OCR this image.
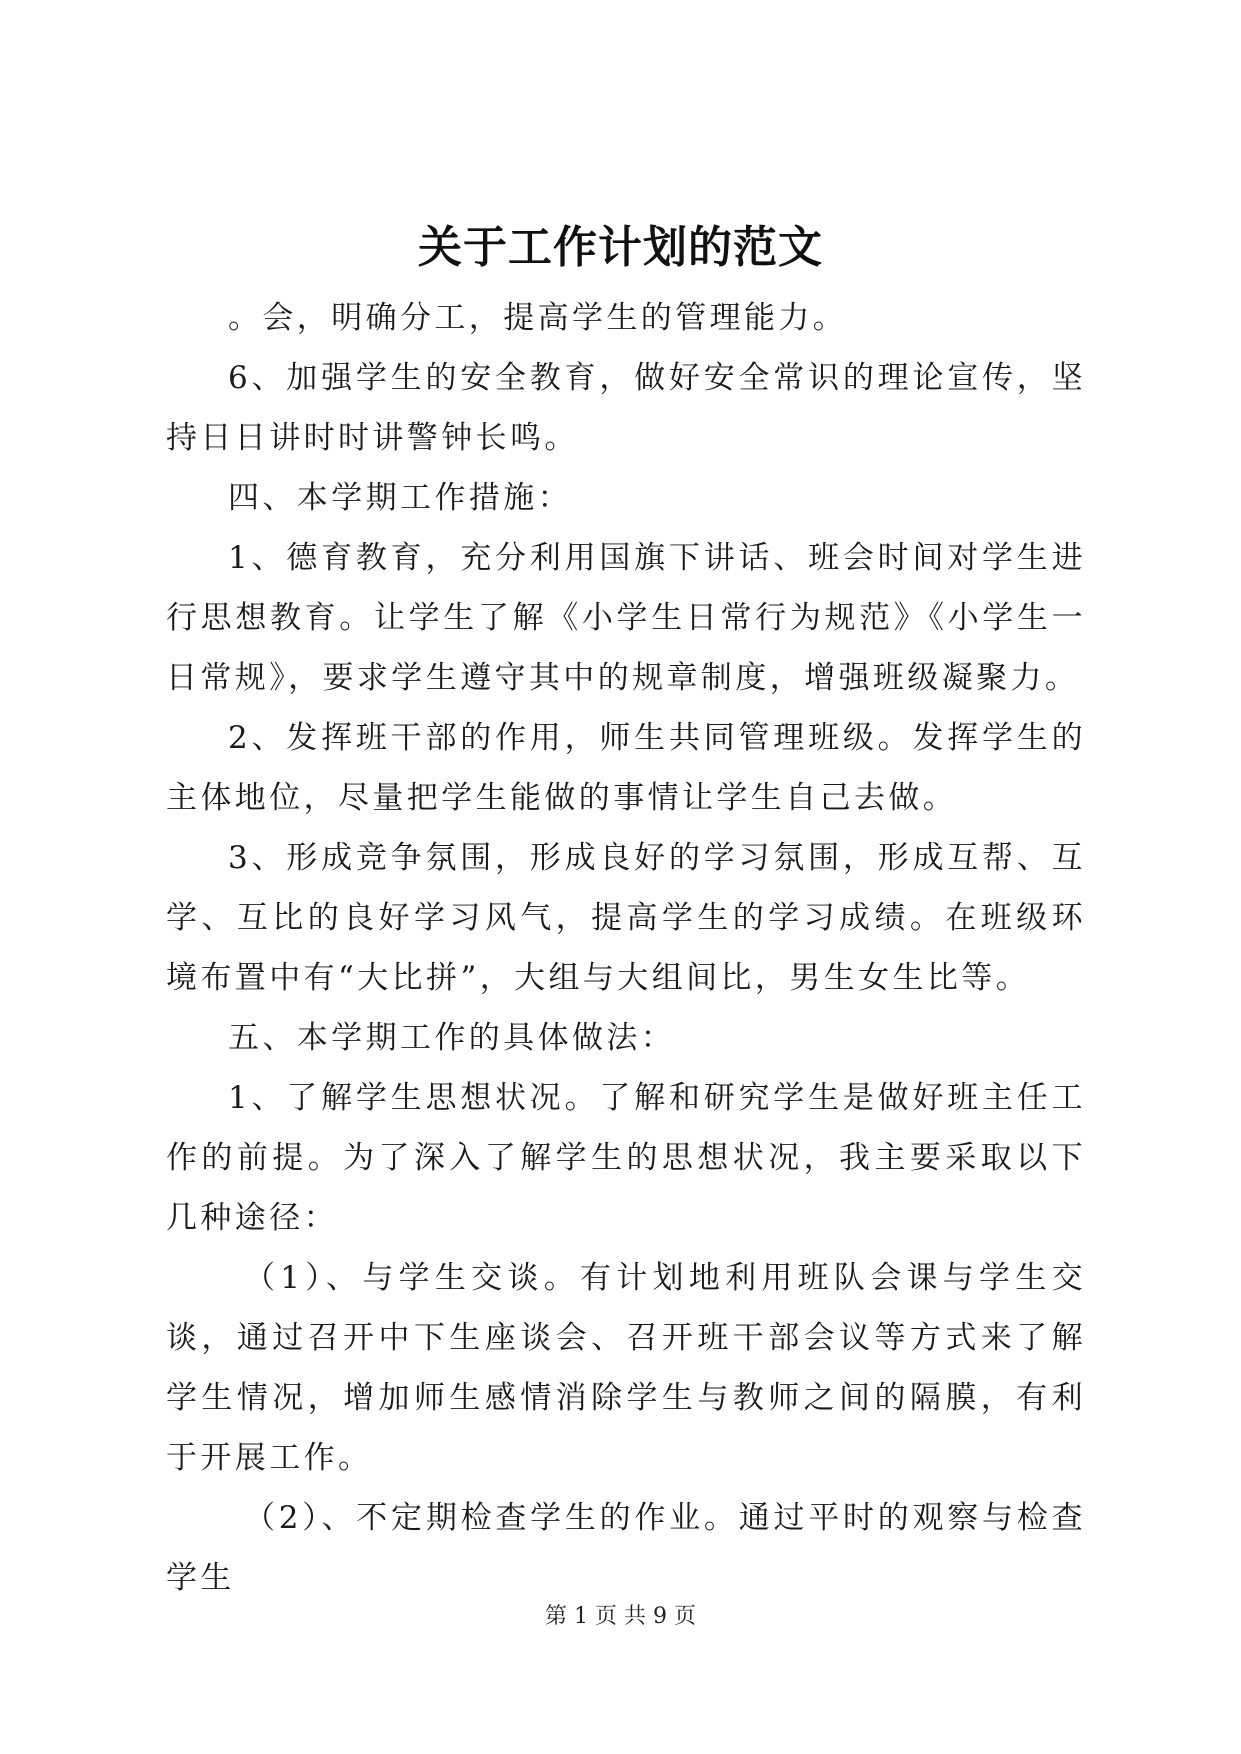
关于工作计划的范文

。会，明确分工，提高学生的管理能力。

6、加强学生的安全教育，做好安全常识的理论宣传，坚持日日讲时时讲警钟长鸣。

四、本学期工作措施：

1、德育教育，充分利用国旗下讲话、班会时间对学生进行思想教育。让学生了解《小学生日常行为规范》《小学生一日常规》，要求学生遵守其中的规章制度，增强班级凝聚力。

2、发挥班干部的作用，师生共同管理班级。发挥学生的主体地位，尽量把学生能做的事情让学生自己去做。

3、形成竞争氛围，形成良好的学习氛围，形成互帮、互学、互比的良好学习风气，提高学生的学习成绩。在班级环境布置中有“大比拼”，大组与大组间比，男生女生比等。

五、本学期工作的具体做法：

1、了解学生思想状况。了解和研究学生是做好班主任工作的前提。为了深入了解学生的思想状况，我主要采取以下几种途径：

（1）、与学生交谈。有计划地利用班队会课与学生交谈，通过召开中下生座谈会、召开班干部会议等方式来了解学生情况，增加师生感情消除学生与教师之间的隔膜，有利于开展工作。

（2）、不定期检查学生的作业。通过平时的观察与检查学生

第 1 页 共 9 页
